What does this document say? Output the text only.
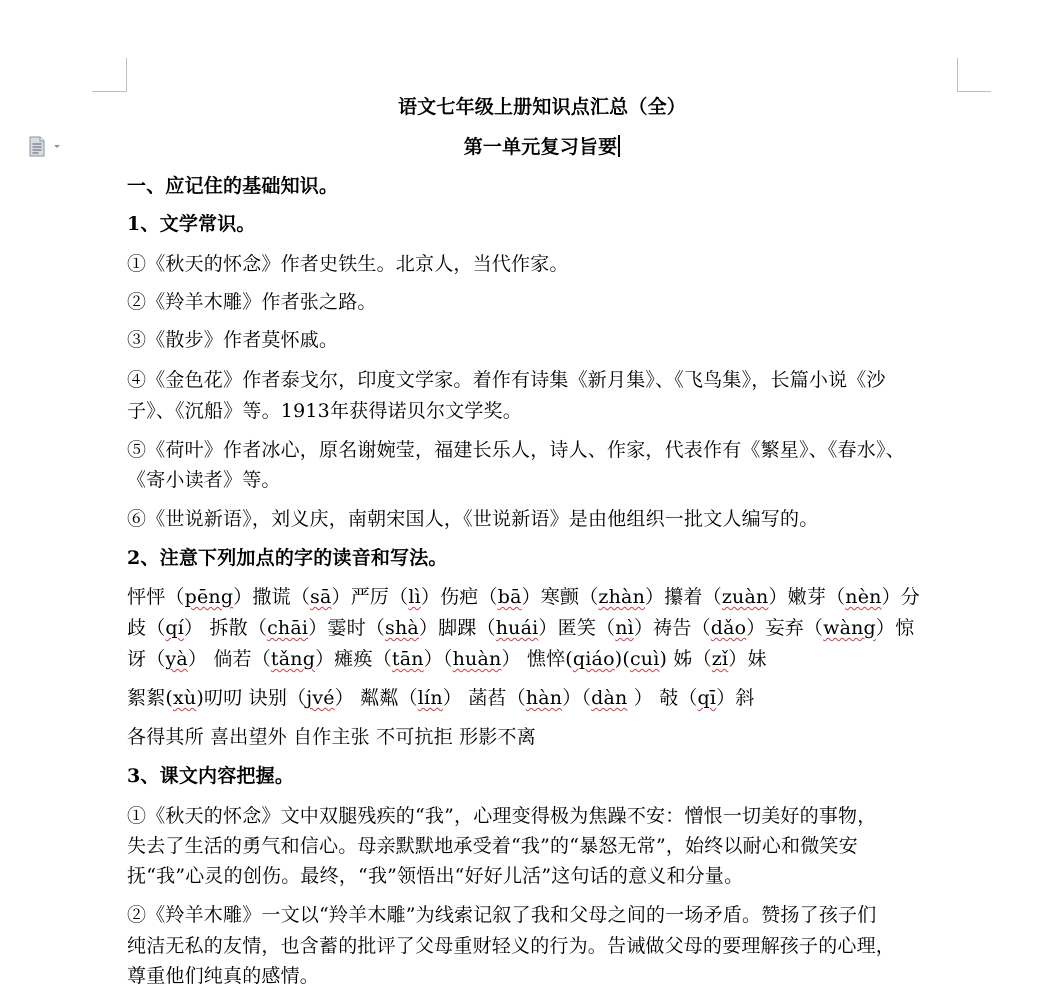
语文七年级上册知识点汇总（全）
第一单元复习旨要
一、应记住的基础知识。
1、文学常识。
①《秋天的怀念》作者史铁生。北京人，当代作家。
②《羚羊木雕》作者张之路。
③《散步》作者莫怀戚。
④《金色花》作者泰戈尔，印度文学家。着作有诗集《新月集》、《飞鸟集》，长篇小说《沙
子》、《沉船》等。1913年获得诺贝尔文学奖。
⑤《荷叶》作者冰心，原名谢婉莹，福建长乐人，诗人、作家，代表作有《繁星》、《春水》、
《寄小读者》等。
⑥《世说新语》，刘义庆，南朝宋国人，《世说新语》是由他组织一批文人编写的。
2、注意下列加点的字的读音和写法。
怦怦（pēng）撒谎（sā）严厉（lì）伤疤（bā）寒颤（zhàn）攥着（zuàn）嫩芽（nèn）分
歧（qí） 拆散（chāi）霎时（shà）脚踝（huái）匿笑（nì）祷告（dǎo）妄弃（wàng）惊
讶（yà） 倘若（tǎng）瘫痪（tān）（huàn） 憔悴(qiáo)(cuì) 姊（zǐ）妹
絮絮(xù)叨叨 诀别（jvé） 粼粼（lín） 菡萏（hàn）（dàn ） 攲（qī）斜
各得其所 喜出望外 自作主张 不可抗拒 形影不离
3、课文内容把握。
①《秋天的怀念》文中双腿残疾的“我”，心理变得极为焦躁不安：憎恨一切美好的事物，
失去了生活的勇气和信心。母亲默默地承受着“我”的“暴怒无常”，始终以耐心和微笑安
抚“我”心灵的创伤。最终，“我”领悟出“好好儿活”这句话的意义和分量。
②《羚羊木雕》一文以“羚羊木雕”为线索记叙了我和父母之间的一场矛盾。赞扬了孩子们
纯洁无私的友情，也含蓄的批评了父母重财轻义的行为。告诫做父母的要理解孩子的心理，
尊重他们纯真的感情。
